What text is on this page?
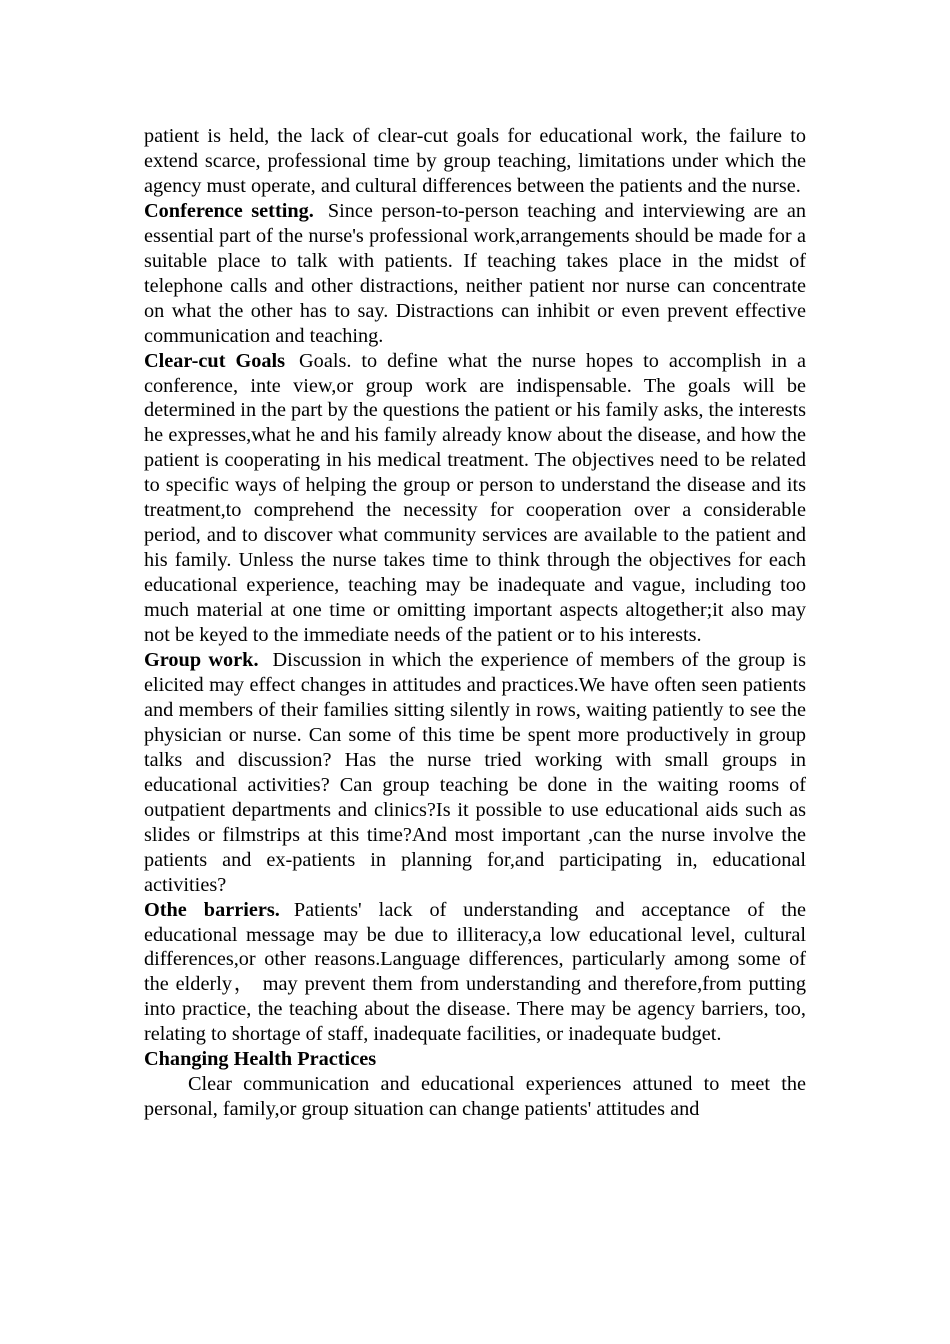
patient is held, the lack of clear-cut goals for educational work, the failure to extend scarce, professional time by group teaching, limitations under which the agency must operate, and cultural differences between the patients and the nurse.

Conference setting. Since person-to-person teaching and interviewing are an essential part of the nurse's professional work,arrangements should be made for a suitable place to talk with patients. If teaching takes place in the midst of telephone calls and other distractions, neither patient nor nurse can concentrate on what the other has to say. Distractions can inhibit or even prevent effective communication and teaching.

Clear-cut Goals Goals. to define what the nurse hopes to accomplish in a conference, inte view,or group work are indispensable. The goals will be determined in the part by the questions the patient or his family asks, the interests he expresses,what he and his family already know about the disease, and how the patient is cooperating in his medical treatment. The objectives need to be related to specific ways of helping the group or person to understand the disease and its treatment,to comprehend the necessity for cooperation over a considerable period, and to discover what community services are available to the patient and his family. Unless the nurse takes time to think through the objectives for each educational experience, teaching may be inadequate and vague, including too much material at one time or omitting important aspects altogether;it also may not be keyed to the immediate needs of the patient or to his interests.

Group work. Discussion in which the experience of members of the group is elicited may effect changes in attitudes and practices.We have often seen patients and members of their families sitting silently in rows, waiting patiently to see the physician or nurse. Can some of this time be spent more productively in group talks and discussion? Has the nurse tried working with small groups in educational activities? Can group teaching be done in the waiting rooms of outpatient departments and clinics?Is it possible to use educational aids such as slides or filmstrips at this time?And most important ,can the nurse involve the patients and ex-patients in planning for,and participating in, educational activities?

Othe barriers. Patients' lack of understanding and acceptance of the educational message may be due to illiteracy,a low educational level, cultural differences,or other reasons.Language differences, particularly among some of the elderly， may prevent them from understanding and therefore,from putting into practice, the teaching about the disease. There may be agency barriers, too, relating to shortage of staff, inadequate facilities, or inadequate budget.

Changing Health Practices

Clear communication and educational experiences attuned to meet the personal, family,or group situation can change patients' attitudes and
